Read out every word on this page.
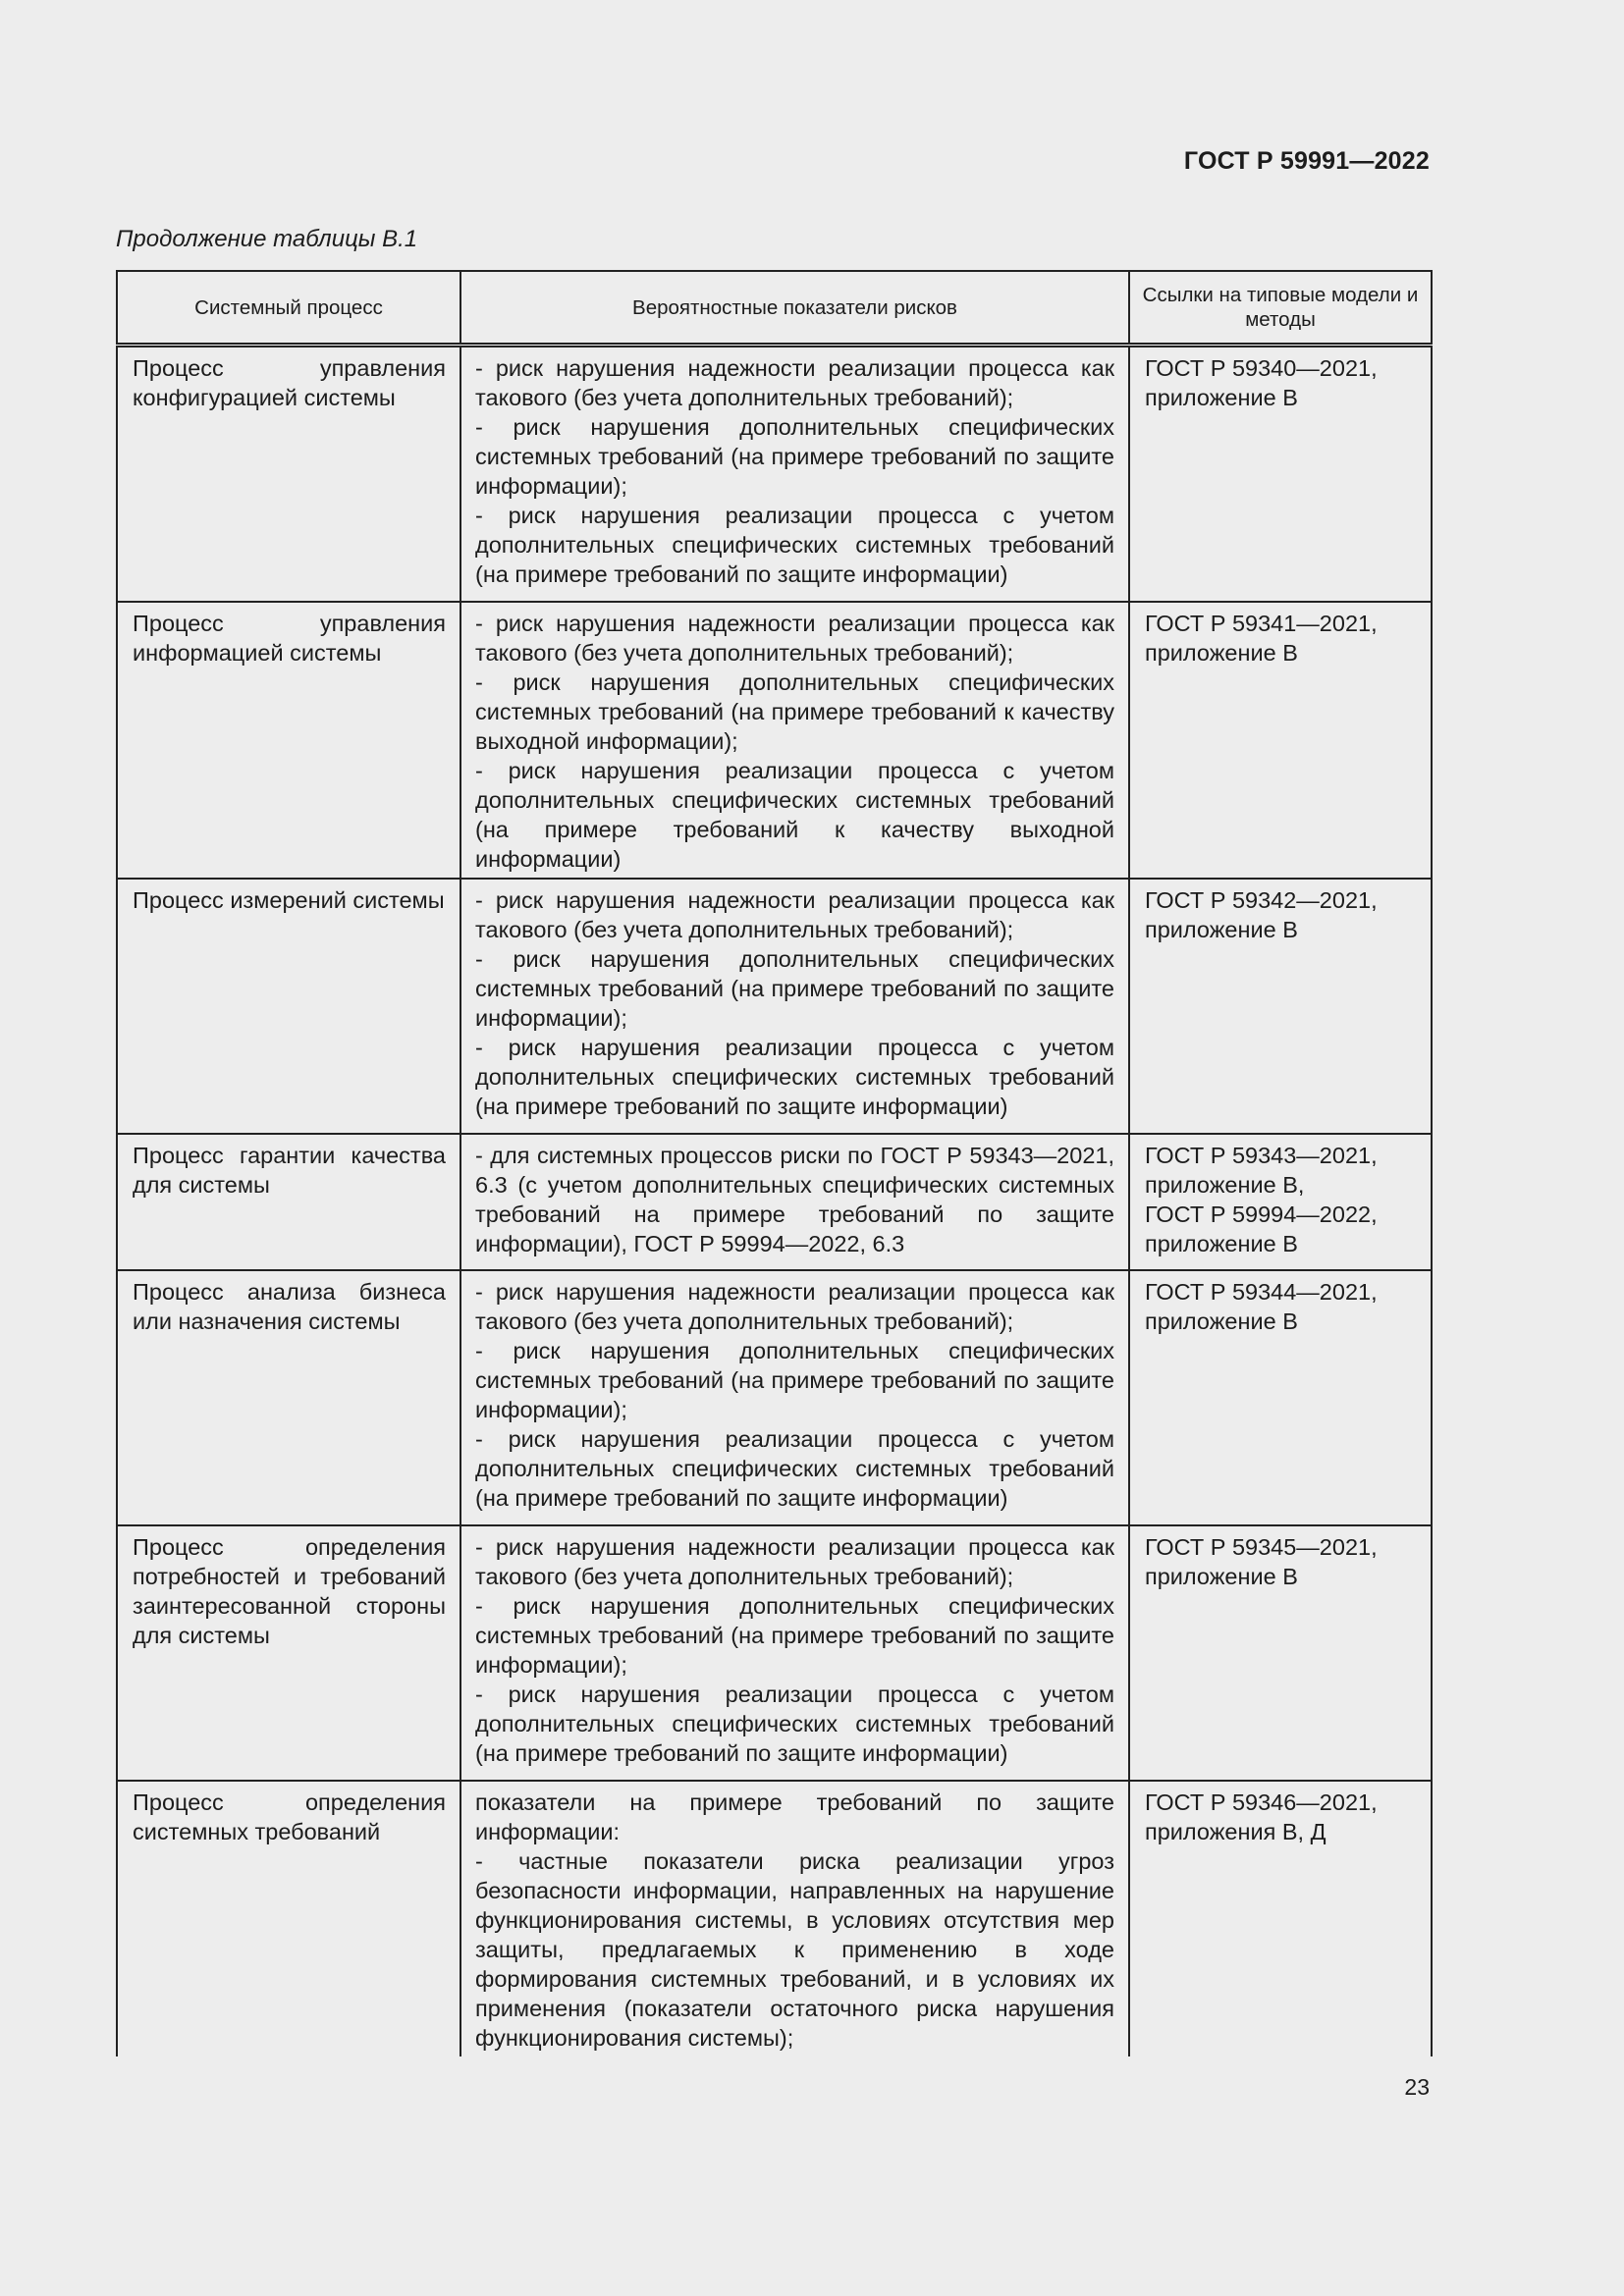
ГОСТ Р 59991—2022
Продолжение таблицы В.1
Системный процесс	Вероятностные показатели рисков	Ссылки на типовые модели и методы
Процесс управления конфигурацией системы	- риск нарушения надежности реализации процесса как такового (без учета дополнительных требований);
- риск нарушения дополнительных специфических системных требований (на примере требований по защите информации);
- риск нарушения реализации процесса с учетом дополнительных специфических системных требований (на примере требований по защите информации)	ГОСТ Р 59340—2021, приложение В

Процесс управления информацией системы	- риск нарушения надежности реализации процесса как такового (без учета дополнительных требований);
- риск нарушения дополнительных специфических системных требований (на примере требований к качеству выходной информации);
- риск нарушения реализации процесса с учетом дополнительных специфических системных требований (на примере требований к качеству выходной информации)	ГОСТ Р 59341—2021, приложение В

Процесс измерений системы	- риск нарушения надежности реализации процесса как такового (без учета дополнительных требований);
- риск нарушения дополнительных специфических системных требований (на примере требований по защите информации);
- риск нарушения реализации процесса с учетом дополнительных специфических системных требований (на примере требований по защите информации)	ГОСТ Р 59342—2021, приложение В

Процесс гарантии качества для системы	- для системных процессов риски по ГОСТ Р 59343—2021, 6.3 (с учетом дополнительных специфических системных требований на примере требований по защите информации), ГОСТ Р 59994—2022, 6.3	ГОСТ Р 59343—2021, приложение В,
ГОСТ Р 59994—2022, приложение В

Процесс анализа бизнеса или назначения системы	- риск нарушения надежности реализации процесса как такового (без учета дополнительных требований);
- риск нарушения дополнительных специфических системных требований (на примере требований по защите информации);
- риск нарушения реализации процесса с учетом дополнительных специфических системных требований (на примере требований по защите информации)	ГОСТ Р 59344—2021, приложение В

Процесс определения потребностей и требований заинтересованной стороны для системы	- риск нарушения надежности реализации процесса как такового (без учета дополнительных требований);
- риск нарушения дополнительных специфических системных требований (на примере требований по защите информации);
- риск нарушения реализации процесса с учетом дополнительных специфических системных требований (на примере требований по защите информации)	ГОСТ Р 59345—2021, приложение В

Процесс определения системных требований	показатели на примере требований по защите информации:
- частные показатели риска реализации угроз безопасности информации, направленных на нарушение функционирования системы, в условиях отсутствия мер защиты, предлагаемых к применению в ходе формирования системных требований, и в условиях их применения (показатели остаточного риска нарушения функционирования системы);	ГОСТ Р 59346—2021, приложения В, Д
23
